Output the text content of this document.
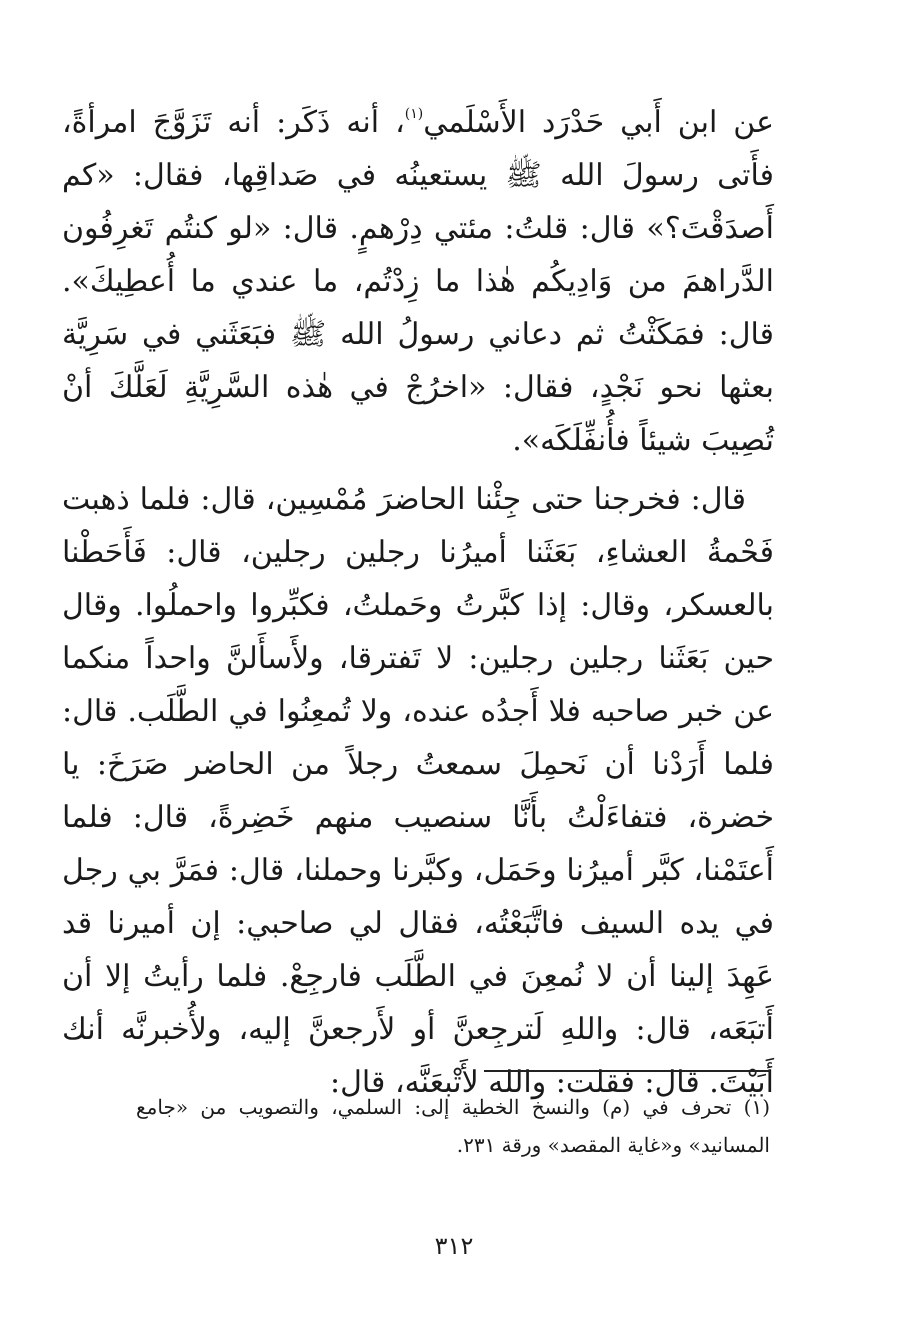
عن ابن أَبي حَدْرَد الأَسْلَمي$^{(١)}$، أنه ذَكَر: أنه تَزَوَّجَ امرأةً، فأَتى رسولَ الله ﷺ يستعينُه في صَداقِها، فقال: «كم أَصدَقْتَ؟» قال: قلتُ: مئتي دِرْهمٍ. قال: «لو كنتُم تَغرِفُون الدَّراهمَ من وَادِيكُم هٰذا ما زِدْتُم، ما عندي ما أُعطِيكَ». قال: فمَكَثْتُ ثم دعاني رسولُ الله ﷺ فبَعَثَني في سَرِيَّة بعثها نحو نَجْدٍ، فقال: «اخرُجْ في هٰذه السَّرِيَّةِ لَعَلَّكَ أنْ تُصِيبَ شيئاً فأُنفِّلَكَه».

قال: فخرجنا حتى جِئْنا الحاضرَ مُمْسِين، قال: فلما ذهبت فَحْمةُ العشاءِ، بَعَثَنا أميرُنا رجلين رجلين، قال: فَأَحَطْنا بالعسكر، وقال: إذا كبَّرتُ وحَملتُ، فكبِّروا واحملُوا. وقال حين بَعَثَنا رجلين رجلين: لا تَفترقا، ولأَسأَلنَّ واحداً منكما عن خبر صاحبه فلا أَجدُه عنده، ولا تُمعِنُوا في الطَّلَب. قال: فلما أَرَدْنا أن نَحمِلَ سمعتُ رجلاً من الحاضر صَرَخَ: يا خضرة، فتفاءَلْتُ بأَنَّا سنصيب منهم خَضِرةً، قال: فلما أَعتَمْنا، كبَّر أميرُنا وحَمَل، وكبَّرنا وحملنا، قال: فمَرَّ بي رجل في يده السيف فاتَّبَعْتُه، فقال لي صاحبي: إن أميرنا قد عَهِدَ إلينا أن لا نُمعِنَ في الطَّلَب فارجِعْ. فلما رأيتُ إلا أن أَتبَعَه، قال: واللهِ لَترجِعنَّ أو لأَرجعنَّ إليه، ولأُخبرنَّه أنك أَبَيْتَ. قال: فقلت: والله لأَتْبعَنَّه، قال:

(١) تحرف في (م) والنسخ الخطية إلى: السلمي، والتصويب من «جامع المسانيد» و«غاية المقصد» ورقة ٢٣١.
٣١٢
